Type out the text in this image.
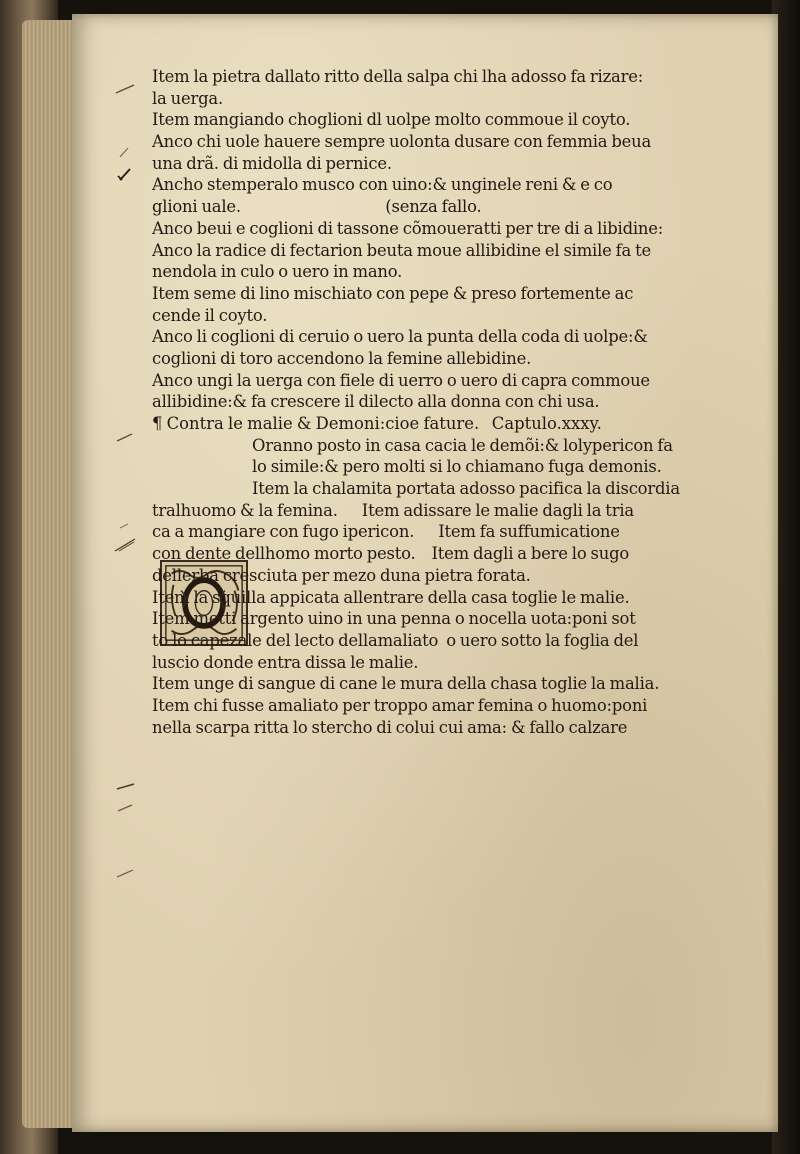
Item la pietra dallato ritto della salpa chi lha adosso fa rizare:
la uerga.
Item mangiando choglioni dl uolpe molto commoue il coyto.
Anco chi uole hauere sempre uolonta dusare con femmia beua
una drã. di midolla di pernice.
Ancho stemperalo musco con uino:& unginele reni & e co
glioni uale.                                    (senza fallo.
Anco beui e coglioni di tassone cõmoueratti per tre di a libidine:
Anco la radice di fectarion beuta moue allibidine el simile fa te
nendola in culo o uero in mano.
Item seme di lino mischiato con pepe & preso fortemente ac
cende il coyto.
Anco li coglioni di ceruio o uero la punta della coda di uolpe:&
coglioni di toro accendono la femine allebidine.
Anco ungi la uerga con fiele di uerro o uero di capra commoue
allibidine:& fa crescere il dilecto alla donna con chi usa.
¶ Contra le malie & Demoni:cioe fature.   Captulo.xxxy.
Oranno posto in casa cacia le demõi:& lolypericon fa
lo simile:& pero molti si lo chiamano fuga demonis.
Item la chalamita portata adosso pacifica la discordia
tralhuomo & la femina.      Item adissare le malie dagli la tria
ca a mangiare con fugo ipericon.      Item fa suffumicatione
con dente dellhomo morto pesto.    Item dagli a bere lo sugo
dellerba cresciuta per mezo duna pietra forata.
Item la squilla appicata allentrare della casa toglie le malie.
Item metti argento uino in una penna o nocella uota:poni sot
to lo capezale del lecto dellamaliato  o uero sotto la foglia del
luscio donde entra dissa le malie.
Item unge di sangue di cane le mura della chasa toglie la malia.
Item chi fusse amaliato per troppo amar femina o huomo:poni
nella scarpa ritta lo stercho di colui cui ama: & fallo calzare
